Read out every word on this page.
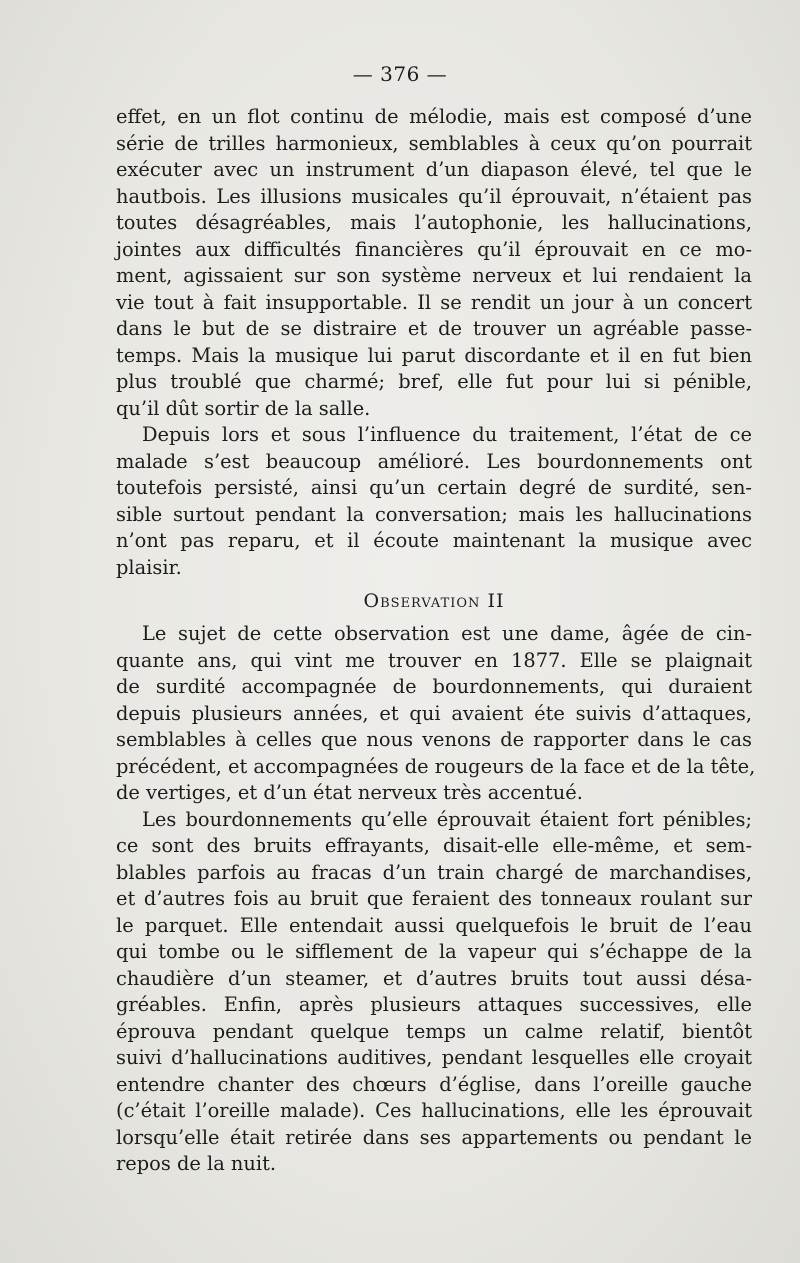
— 376 —
effet, en un flot continu de mélodie, mais est composé d’une
série de trilles harmonieux, semblables à ceux qu’on pourrait
exécuter avec un instrument d’un diapason élevé, tel que le
hautbois. Les illusions musicales qu’il éprouvait, n’étaient pas
toutes désagréables, mais l’autophonie, les hallucinations,
jointes aux difficultés financières qu’il éprouvait en ce mo-
ment, agissaient sur son système nerveux et lui rendaient la
vie tout à fait insupportable. Il se rendit un jour à un concert
dans le but de se distraire et de trouver un agréable passe-
temps. Mais la musique lui parut discordante et il en fut bien
plus troublé que charmé; bref, elle fut pour lui si pénible,
qu’il dût sortir de la salle.
Depuis lors et sous l’influence du traitement, l’état de ce
malade s’est beaucoup amélioré. Les bourdonnements ont
toutefois persisté, ainsi qu’un certain degré de surdité, sen-
sible surtout pendant la conversation; mais les hallucinations
n’ont pas reparu, et il écoute maintenant la musique avec
plaisir.
Observation II
Le sujet de cette observation est une dame, âgée de cin-
quante ans, qui vint me trouver en 1877. Elle se plaignait
de surdité accompagnée de bourdonnements, qui duraient
depuis plusieurs années, et qui avaient éte suivis d’attaques,
semblables à celles que nous venons de rapporter dans le cas
précédent, et accompagnées de rougeurs de la face et de la tête,
de vertiges, et d’un état nerveux très accentué.
Les bourdonnements qu’elle éprouvait étaient fort pénibles;
ce sont des bruits effrayants, disait-elle elle-même, et sem-
blables parfois au fracas d’un train chargé de marchandises,
et d’autres fois au bruit que feraient des tonneaux roulant sur
le parquet. Elle entendait aussi quelquefois le bruit de l’eau
qui tombe ou le sifflement de la vapeur qui s’échappe de la
chaudière d’un steamer, et d’autres bruits tout aussi désa-
gréables. Enfin, après plusieurs attaques successives, elle
éprouva pendant quelque temps un calme relatif, bientôt
suivi d’hallucinations auditives, pendant lesquelles elle croyait
entendre chanter des chœurs d’église, dans l’oreille gauche
(c’était l’oreille malade). Ces hallucinations, elle les éprouvait
lorsqu’elle était retirée dans ses appartements ou pendant le
repos de la nuit.
